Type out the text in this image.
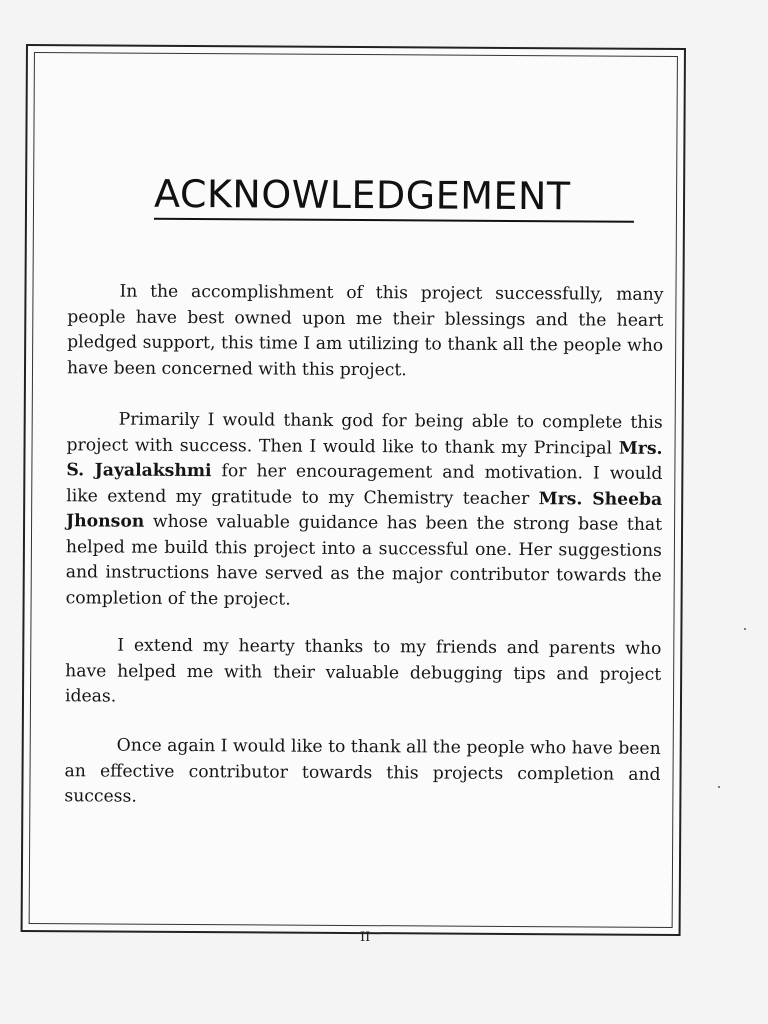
ACKNOWLEDGEMENT

In the accomplishment of this project successfully, many people have best owned upon me their blessings and the heart pledged support, this time I am utilizing to thank all the people who have been concerned with this project.

Primarily I would thank god for being able to complete this project with success. Then I would like to thank my Principal Mrs. S. Jayalakshmi for her encouragement and motivation. I would like extend my gratitude to my Chemistry teacher Mrs. Sheeba Jhonson whose valuable guidance has been the strong base that helped me build this project into a successful one. Her suggestions and instructions have served as the major contributor towards the completion of the project.

I extend my hearty thanks to my friends and parents who have helped me with their valuable debugging tips and project ideas.

Once again I would like to thank all the people who have been an effective contributor towards this projects completion and success.

II
